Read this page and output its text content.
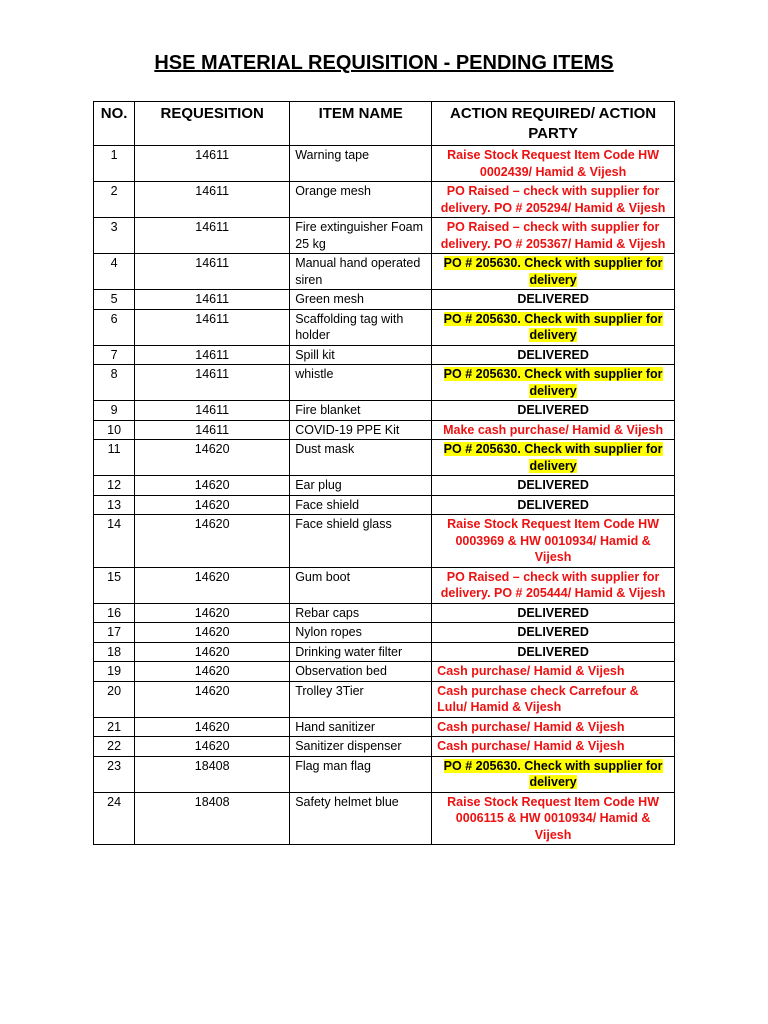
HSE MATERIAL REQUISITION - PENDING ITEMS
NO.	REQUESITION	ITEM NAME	ACTION REQUIRED/ ACTION PARTY
1	14611	Warning tape	Raise Stock Request Item Code HW 0002439/ Hamid & Vijesh
2	14611	Orange mesh	PO Raised – check with supplier for delivery. PO # 205294/ Hamid & Vijesh
3	14611	Fire extinguisher Foam 25 kg	PO Raised – check with supplier for delivery. PO # 205367/ Hamid & Vijesh
4	14611	Manual hand operated siren	PO # 205630. Check with supplier for delivery
5	14611	Green mesh	DELIVERED
6	14611	Scaffolding tag with holder	PO # 205630. Check with supplier for delivery
7	14611	Spill kit	DELIVERED
8	14611	whistle	PO # 205630. Check with supplier for delivery
9	14611	Fire blanket	DELIVERED
10	14611	COVID-19 PPE Kit	Make cash purchase/ Hamid & Vijesh
11	14620	Dust mask	PO # 205630. Check with supplier for delivery
12	14620	Ear plug	DELIVERED
13	14620	Face shield	DELIVERED
14	14620	Face shield glass	Raise Stock Request Item Code HW 0003969 & HW 0010934/ Hamid & Vijesh
15	14620	Gum boot	PO Raised – check with supplier for delivery. PO # 205444/ Hamid & Vijesh
16	14620	Rebar caps	DELIVERED
17	14620	Nylon ropes	DELIVERED
18	14620	Drinking water filter	DELIVERED
19	14620	Observation bed	Cash purchase/ Hamid & Vijesh
20	14620	Trolley 3Tier	Cash purchase check Carrefour & Lulu/ Hamid & Vijesh
21	14620	Hand sanitizer	Cash purchase/ Hamid & Vijesh
22	14620	Sanitizer dispenser	Cash purchase/ Hamid & Vijesh
23	18408	Flag man flag	PO # 205630. Check with supplier for delivery
24	18408	Safety helmet blue	Raise Stock Request Item Code HW 0006115 & HW 0010934/ Hamid & Vijesh
